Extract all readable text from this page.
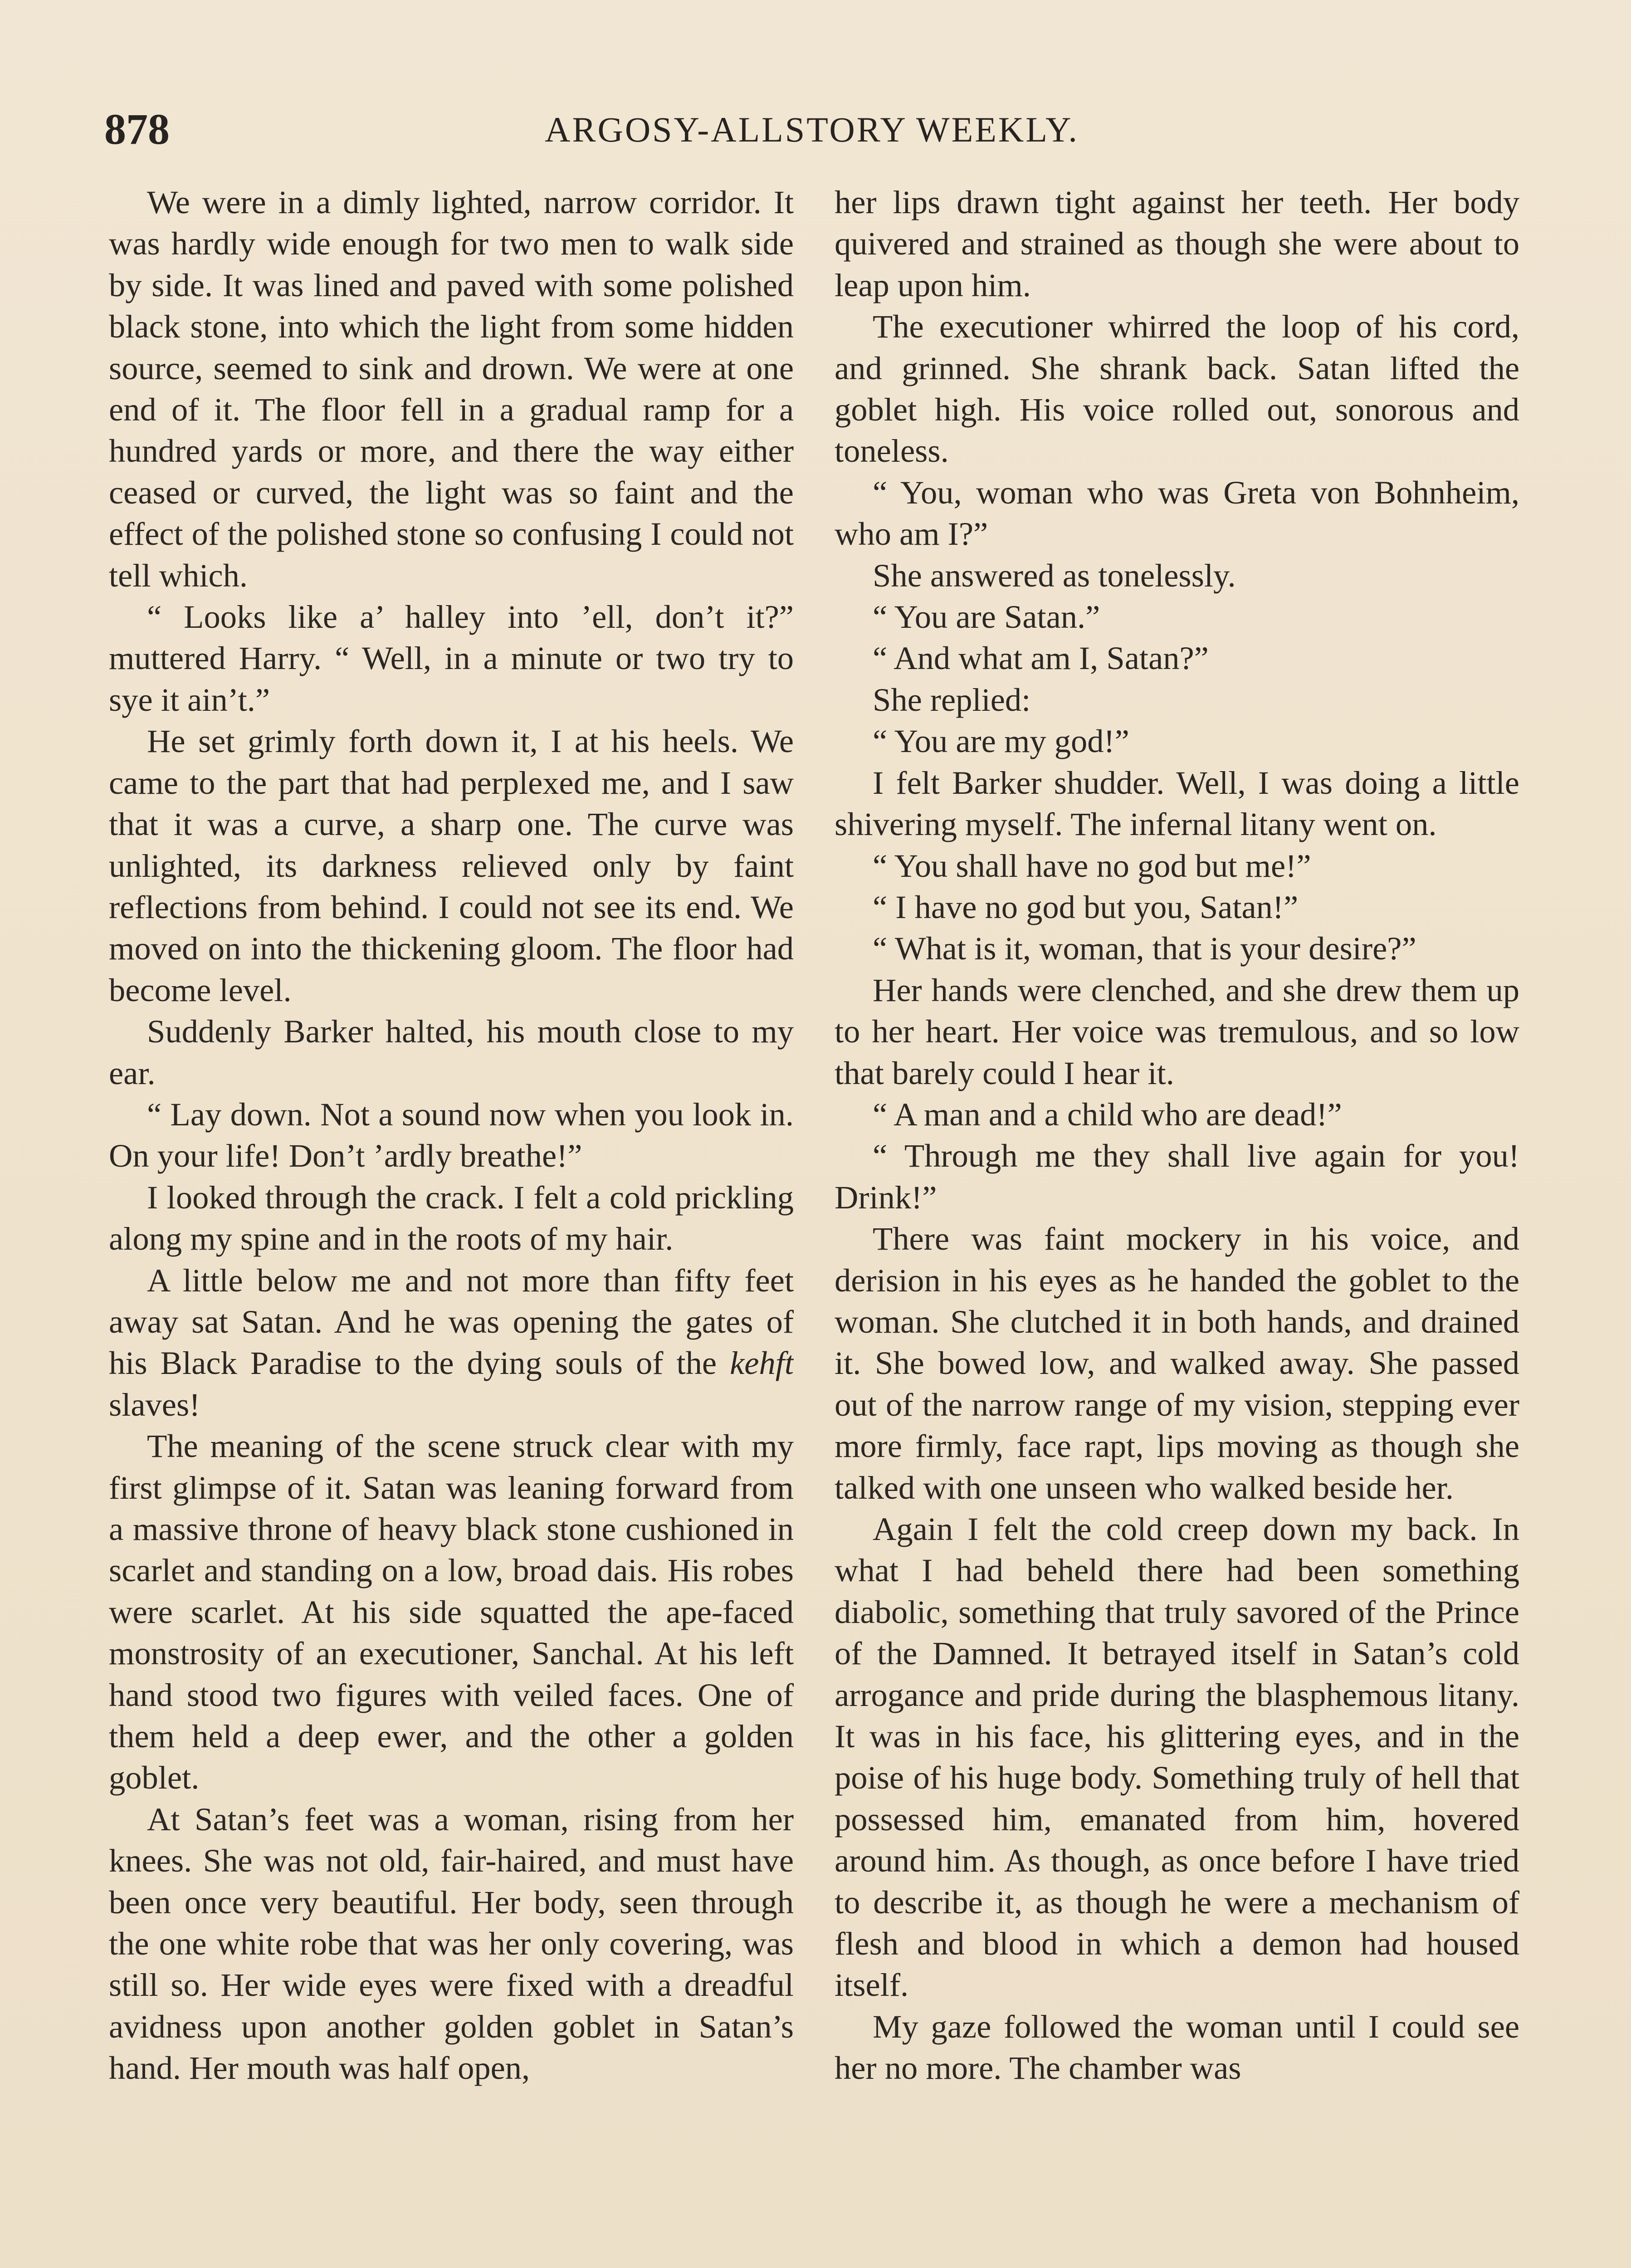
878	ARGOSY-ALLSTORY WEEKLY.

We were in a dimly lighted, narrow corridor. It was hardly wide enough for two men to walk side by side. It was lined and paved with some polished black stone, into which the light from some hidden source, seemed to sink and drown. We were at one end of it. The floor fell in a gradual ramp for a hundred yards or more, and there the way either ceased or curved, the light was so faint and the effect of the polished stone so confusing I could not tell which.

“ Looks like a’ halley into ’ell, don’t it?” muttered Harry. “ Well, in a minute or two try to sye it ain’t.”

He set grimly forth down it, I at his heels. We came to the part that had perplexed me, and I saw that it was a curve, a sharp one. The curve was unlighted, its darkness relieved only by faint reflections from behind. I could not see its end. We moved on into the thickening gloom. The floor had become level.

Suddenly Barker halted, his mouth close to my ear.

“ Lay down. Not a sound now when you look in. On your life! Don’t ’ardly breathe!”

I looked through the crack. I felt a cold prickling along my spine and in the roots of my hair.

A little below me and not more than fifty feet away sat Satan. And he was opening the gates of his Black Paradise to the dying souls of the kehft slaves!

The meaning of the scene struck clear with my first glimpse of it. Satan was leaning forward from a massive throne of heavy black stone cushioned in scarlet and standing on a low, broad dais. His robes were scarlet. At his side squatted the ape-faced monstrosity of an executioner, Sanchal. At his left hand stood two figures with veiled faces. One of them held a deep ewer, and the other a golden goblet.

At Satan’s feet was a woman, rising from her knees. She was not old, fair-haired, and must have been once very beautiful. Her body, seen through the one white robe that was her only covering, was still so. Her wide eyes were fixed with a dreadful avidness upon another golden goblet in Satan’s hand. Her mouth was half open,

her lips drawn tight against her teeth. Her body quivered and strained as though she were about to leap upon him.

The executioner whirred the loop of his cord, and grinned. She shrank back. Satan lifted the goblet high. His voice rolled out, sonorous and toneless.

“ You, woman who was Greta von Bohnheim, who am I?”

She answered as tonelessly.

“ You are Satan.”

“ And what am I, Satan?”

She replied:

“ You are my god!”

I felt Barker shudder. Well, I was doing a little shivering myself. The infernal litany went on.

“ You shall have no god but me!”

“ I have no god but you, Satan!”

“ What is it, woman, that is your desire?”

Her hands were clenched, and she drew them up to her heart. Her voice was tremulous, and so low that barely could I hear it.

“ A man and a child who are dead!”

“ Through me they shall live again for you! Drink!”

There was faint mockery in his voice, and derision in his eyes as he handed the goblet to the woman. She clutched it in both hands, and drained it. She bowed low, and walked away. She passed out of the narrow range of my vision, stepping ever more firmly, face rapt, lips moving as though she talked with one unseen who walked beside her.

Again I felt the cold creep down my back. In what I had beheld there had been something diabolic, something that truly savored of the Prince of the Damned. It betrayed itself in Satan’s cold arrogance and pride during the blasphemous litany. It was in his face, his glittering eyes, and in the poise of his huge body. Something truly of hell that possessed him, emanated from him, hovered around him. As though, as once before I have tried to describe it, as though he were a mechanism of flesh and blood in which a demon had housed itself.

My gaze followed the woman until I could see her no more. The chamber was
